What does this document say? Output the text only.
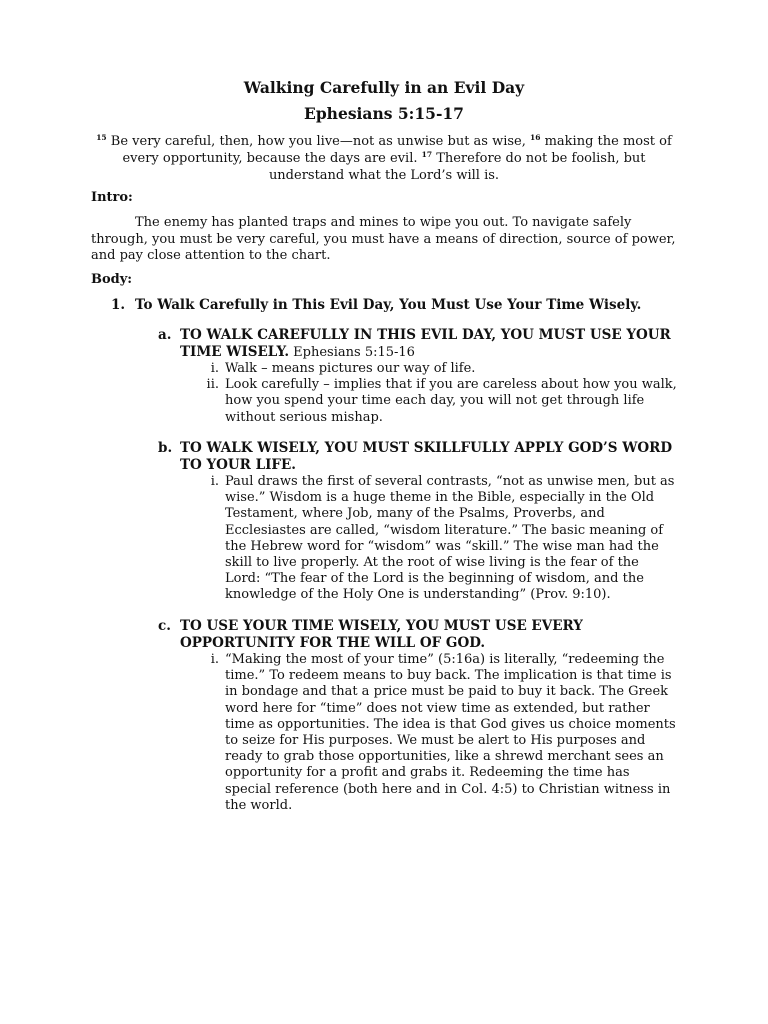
Walking Carefully in an Evil Day
Ephesians 5:15-17
$^{15}$ Be very careful, then, how you live—not as unwise but as wise, $^{16}$ making the most of
every opportunity, because the days are evil. $^{17}$ Therefore do not be foolish, but
understand what the Lord’s will is.
Intro:
The enemy has planted traps and mines to wipe you out. To navigate safely through, you must be very careful, you must have a means of direction, source of power, and pay close attention to the chart.
Body:
1. To Walk Carefully in This Evil Day, You Must Use Your Time Wisely.
a. TO WALK CAREFULLY IN THIS EVIL DAY, YOU MUST USE YOUR TIME WISELY. Ephesians 5:15-16
i. Walk – means pictures our way of life.
ii. Look carefully – implies that if you are careless about how you walk, how you spend your time each day, you will not get through life without serious mishap.
b. TO WALK WISELY, YOU MUST SKILLFULLY APPLY GOD’S WORD TO YOUR LIFE.
i. Paul draws the first of several contrasts, “not as unwise men, but as wise.” Wisdom is a huge theme in the Bible, especially in the Old Testament, where Job, many of the Psalms, Proverbs, and Ecclesiastes are called, “wisdom literature.” The basic meaning of the Hebrew word for “wisdom” was “skill.” The wise man had the skill to live properly. At the root of wise living is the fear of the Lord: “The fear of the Lord is the beginning of wisdom, and the knowledge of the Holy One is understanding” (Prov. 9:10).
c. TO USE YOUR TIME WISELY, YOU MUST USE EVERY OPPORTUNITY FOR THE WILL OF GOD.
i. “Making the most of your time” (5:16a) is literally, “redeeming the time.” To redeem means to buy back. The implication is that time is in bondage and that a price must be paid to buy it back. The Greek word here for “time” does not view time as extended, but rather time as opportunities. The idea is that God gives us choice moments to seize for His purposes. We must be alert to His purposes and ready to grab those opportunities, like a shrewd merchant sees an opportunity for a profit and grabs it. Redeeming the time has special reference (both here and in Col. 4:5) to Christian witness in the world.
